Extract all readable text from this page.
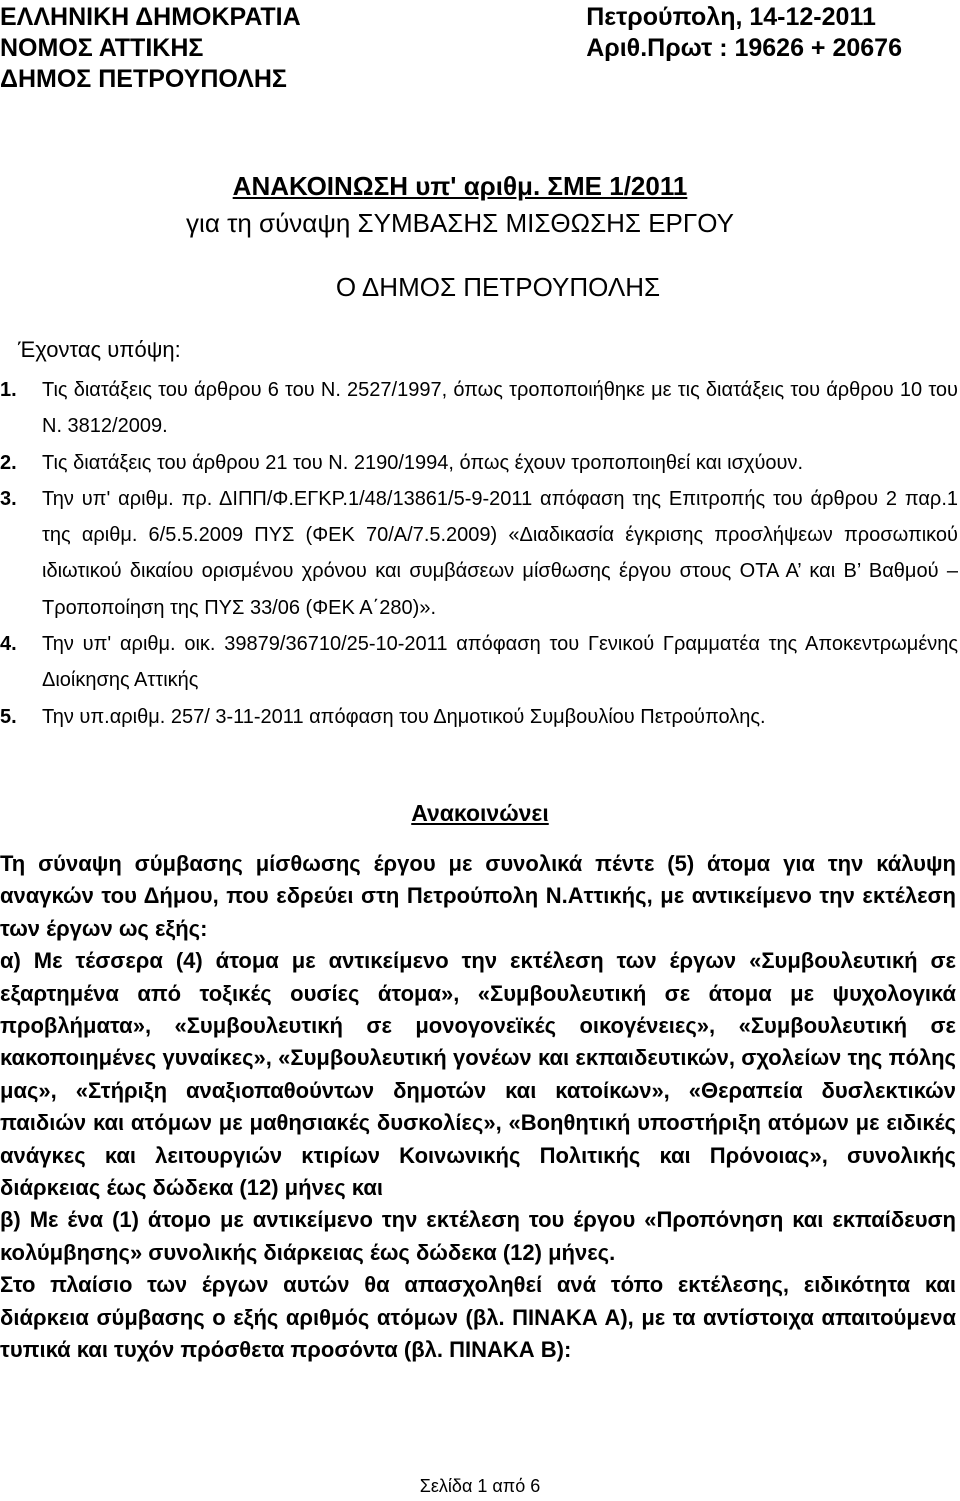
ΕΛΛΗΝΙΚΗ ΔΗΜΟΚΡΑΤΙΑ
ΝΟΜΟΣ ΑΤΤΙΚΗΣ
ΔΗΜΟΣ ΠΕΤΡΟΥΠΟΛΗΣ
Πετρούπολη, 14-12-2011
Αριθ.Πρωτ : 19626 + 20676
ΑΝΑΚΟΙΝΩΣΗ υπ' αριθμ. ΣΜΕ 1/2011
για τη σύναψη ΣΥΜΒΑΣΗΣ ΜΙΣΘΩΣΗΣ ΕΡΓΟΥ
Ο ΔΗΜΟΣ ΠΕΤΡΟΥΠΟΛΗΣ
Έχοντας υπόψη:
1. Τις διατάξεις του άρθρου 6 του Ν. 2527/1997, όπως τροποποιήθηκε με τις διατάξεις του άρθρου 10 του Ν. 3812/2009.
2. Τις διατάξεις του άρθρου 21 του Ν. 2190/1994, όπως έχουν τροποποιηθεί και ισχύουν.
3. Την υπ' αριθμ. πρ. ΔΙΠΠ/Φ.ΕΓΚΡ.1/48/13861/5-9-2011 απόφαση της Επιτροπής του άρθρου 2 παρ.1 της αριθμ. 6/5.5.2009 ΠΥΣ (ΦΕΚ 70/Α/7.5.2009) «Διαδικασία έγκρισης προσλήψεων προσωπικού ιδιωτικού δικαίου ορισμένου χρόνου και συμβάσεων μίσθωσης έργου στους ΟΤΑ Α’ και Β’ Βαθμού – Τροποποίηση της ΠΥΣ 33/06 (ΦΕΚ Α΄280)».
4. Την υπ' αριθμ. οικ. 39879/36710/25-10-2011 απόφαση του Γενικού Γραμματέα της Αποκεντρωμένης Διοίκησης Αττικής
5. Την υπ.αριθμ. 257/ 3-11-2011 απόφαση του Δημοτικού Συμβουλίου Πετρούπολης.
Ανακοινώνει

Τη σύναψη σύμβασης μίσθωσης έργου με συνολικά πέντε (5) άτομα για την κάλυψη αναγκών του Δήμου, που εδρεύει στη Πετρούπολη Ν.Αττικής, με αντικείμενο την εκτέλεση των έργων ως εξής:

α) Με τέσσερα (4) άτομα με αντικείμενο την εκτέλεση των έργων «Συμβουλευτική σε εξαρτημένα από τοξικές ουσίες άτομα», «Συμβουλευτική σε άτομα με ψυχολογικά προβλήματα», «Συμβουλευτική σε μονογονεϊκές οικογένειες», «Συμβουλευτική σε κακοποιημένες γυναίκες», «Συμβουλευτική γονέων και εκπαιδευτικών, σχολείων της πόλης μας», «Στήριξη αναξιοπαθούντων δημοτών και κατοίκων», «Θεραπεία δυσλεκτικών παιδιών και ατόμων με μαθησιακές δυσκολίες», «Βοηθητική υποστήριξη ατόμων με ειδικές ανάγκες και λειτουργιών κτιρίων Κοινωνικής Πολιτικής και Πρόνοιας», συνολικής διάρκειας έως δώδεκα (12) μήνες και

β) Με ένα (1) άτομο με αντικείμενο την εκτέλεση του έργου «Προπόνηση και εκπαίδευση κολύμβησης» συνολικής διάρκειας έως δώδεκα (12) μήνες.

Στο πλαίσιο των έργων αυτών θα απασχοληθεί ανά τόπο εκτέλεσης, ειδικότητα και διάρκεια σύμβασης ο εξής αριθμός ατόμων (βλ. ΠΙΝΑΚΑ Α), με τα αντίστοιχα απαιτούμενα τυπικά και τυχόν πρόσθετα προσόντα (βλ. ΠΙΝΑΚΑ Β):

Σελίδα 1 από 6
